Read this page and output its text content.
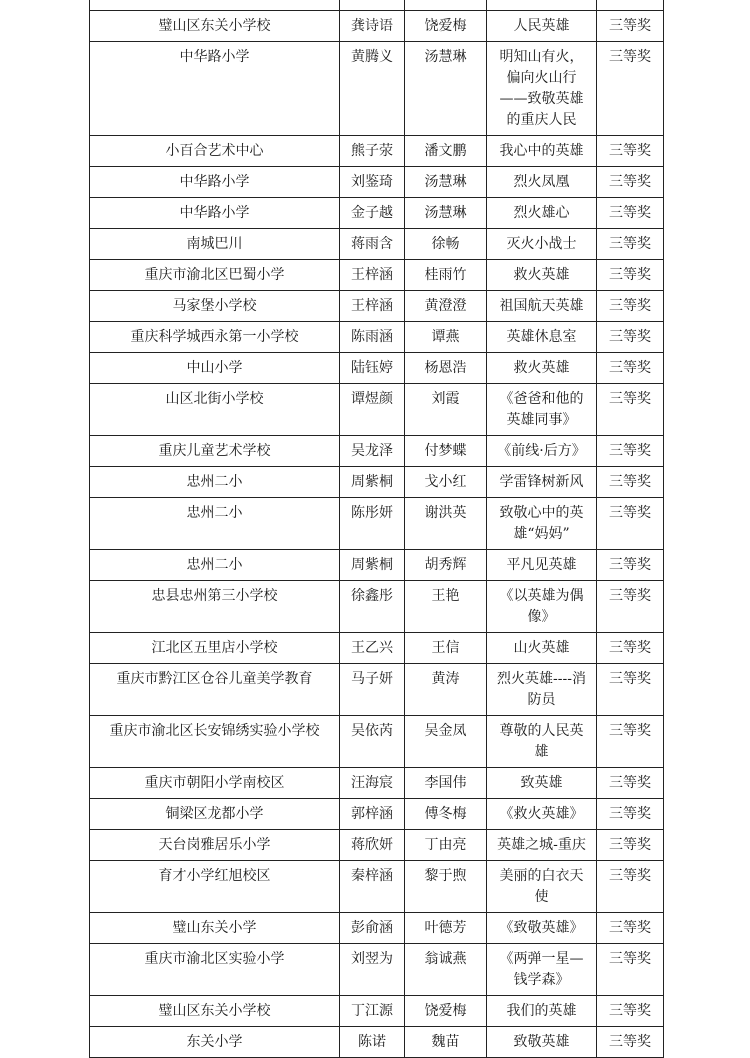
璧山区东关小学校	龚诗语	饶爱梅	人民英雄	三等奖
中华路小学	黄腾义	汤慧琳	明知山有火，偏向火山行——致敬英雄的重庆人民	三等奖
小百合艺术中心	熊子荥	潘文鹏	我心中的英雄	三等奖
中华路小学	刘鉴琦	汤慧琳	烈火凤凰	三等奖
中华路小学	金子越	汤慧琳	烈火雄心	三等奖
南城巴川	蒋雨含	徐畅	灭火小战士	三等奖
重庆市渝北区巴蜀小学	王梓涵	桂雨竹	救火英雄	三等奖
马家堡小学校	王梓涵	黄澄澄	祖国航天英雄	三等奖
重庆科学城西永第一小学校	陈雨涵	谭燕	英雄休息室	三等奖
中山小学	陆钰婷	杨恩浩	救火英雄	三等奖
山区北街小学校	谭煜颜	刘霞	《爸爸和他的英雄同事》	三等奖
重庆儿童艺术学校	吴龙泽	付梦蝶	《前线·后方》	三等奖
忠州二小	周紫桐	戈小红	学雷锋树新风	三等奖
忠州二小	陈彤妍	谢洪英	致敬心中的英雄“妈妈”	三等奖
忠州二小	周紫桐	胡秀辉	平凡见英雄	三等奖
忠县忠州第三小学校	徐鑫彤	王艳	《以英雄为偶像》	三等奖
江北区五里店小学校	王乙兴	王信	山火英雄	三等奖
重庆市黔江区仓谷儿童美学教育	马子妍	黄涛	烈火英雄----消防员	三等奖
重庆市渝北区长安锦绣实验小学校	吴依芮	吴金凤	尊敬的人民英雄	三等奖
重庆市朝阳小学南校区	汪海宸	李国伟	致英雄	三等奖
铜梁区龙都小学	郭梓涵	傅冬梅	《救火英雄》	三等奖
天台岗雅居乐小学	蒋欣妍	丁由亮	英雄之城-重庆	三等奖
育才小学红旭校区	秦梓涵	黎于煦	美丽的白衣天使	三等奖
璧山东关小学	彭俞涵	叶德芳	《致敬英雄》	三等奖
重庆市渝北区实验小学	刘翌为	翁诚燕	《两弹一星—钱学森》	三等奖
璧山区东关小学校	丁江源	饶爱梅	我们的英雄	三等奖
东关小学	陈诺	魏苗	致敬英雄	三等奖
